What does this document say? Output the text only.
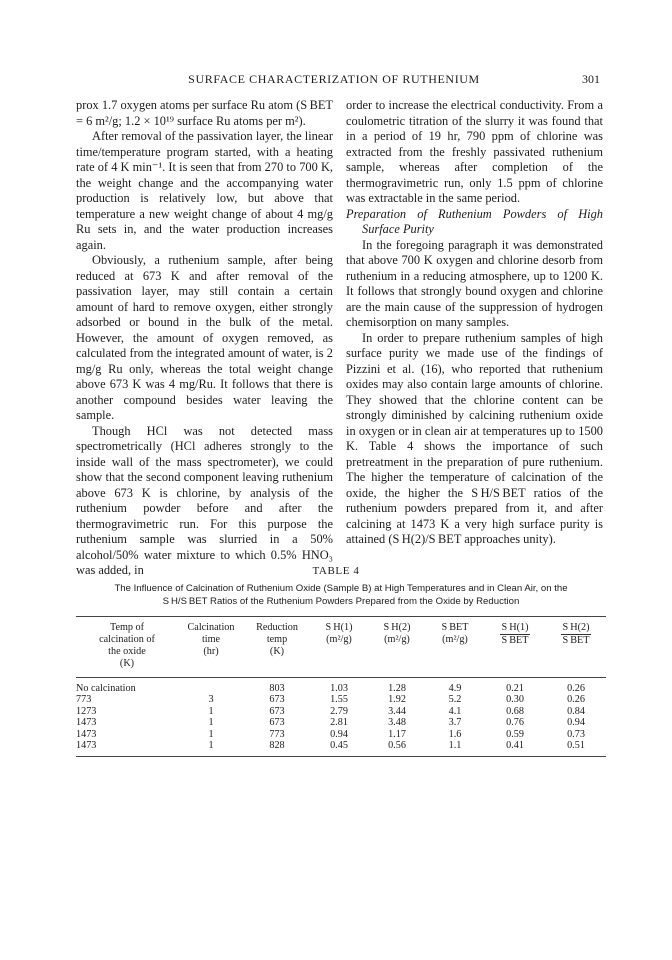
SURFACE CHARACTERIZATION OF RUTHENIUM	301

prox 1.7 oxygen atoms per surface Ru atom (S BET = 6 m²/g; 1.2 × 10¹⁹ surface Ru atoms per m²).

After removal of the passivation layer, the linear time/temperature program started, with a heating rate of 4 K min⁻¹. It is seen that from 270 to 700 K, the weight change and the accompanying water production is relatively low, but above that temperature a new weight change of about 4 mg/g Ru sets in, and the water production increases again.

Obviously, a ruthenium sample, after being reduced at 673 K and after removal of the passivation layer, may still contain a certain amount of hard to remove oxygen, either strongly adsorbed or bound in the bulk of the metal. However, the amount of oxygen removed, as calculated from the integrated amount of water, is 2 mg/g Ru only, whereas the total weight change above 673 K was 4 mg/Ru. It follows that there is another compound besides water leaving the sample.

Though HCl was not detected mass spectrometrically (HCl adheres strongly to the inside wall of the mass spectrometer), we could show that the second component leaving ruthenium above 673 K is chlorine, by analysis of the ruthenium powder before and after the thermogravimetric run. For this purpose the ruthenium sample was slurried in a 50% alcohol/50% water mixture to which 0.5% HNO₃ was added, in

order to increase the electrical conductivity. From a coulometric titration of the slurry it was found that in a period of 19 hr, 790 ppm of chlorine was extracted from the freshly passivated ruthenium sample, whereas after completion of the thermogravimetric run, only 1.5 ppm of chlorine was extractable in the same period.

Preparation of Ruthenium Powders of High Surface Purity

In the foregoing paragraph it was demonstrated that above 700 K oxygen and chlorine desorb from ruthenium in a reducing atmosphere, up to 1200 K. It follows that strongly bound oxygen and chlorine are the main cause of the suppression of hydrogen chemisorption on many samples.

In order to prepare ruthenium samples of high surface purity we made use of the findings of Pizzini et al. (16), who reported that ruthenium oxides may also contain large amounts of chlorine. They showed that the chlorine content can be strongly diminished by calcining ruthenium oxide in oxygen or in clean air at temperatures up to 1500 K. Table 4 shows the importance of such pretreatment in the preparation of pure ruthenium. The higher the temperature of calcination of the oxide, the higher the S H/S BET ratios of the ruthenium powders prepared from it, and after calcining at 1473 K a very high surface purity is attained (S H(2)/S BET approaches unity).

TABLE 4
The Influence of Calcination of Ruthenium Oxide (Sample B) at High Temperatures and in Clean Air, on the
S H/S BET Ratios of the Ruthenium Powders Prepared from the Oxide by Reduction
Temp of
calcination of
the oxide
(K)	Calcination
time
(hr)	Reduction
temp
(K)	S H(1)
(m²/g)	S H(2)
(m²/g)	S BET
(m²/g)	$\frac{\text{S H(1)}}{\text{S BET}}$	$\frac{\text{S H(2)}}{\text{S BET}}$
No calcination		803	1.03	1.28	4.9	0.21	0.26
773	3	673	1.55	1.92	5.2	0.30	0.26
1273	1	673	2.79	3.44	4.1	0.68	0.84
1473	1	673	2.81	3.48	3.7	0.76	0.94
1473	1	773	0.94	1.17	1.6	0.59	0.73
1473	1	828	0.45	0.56	1.1	0.41	0.51
